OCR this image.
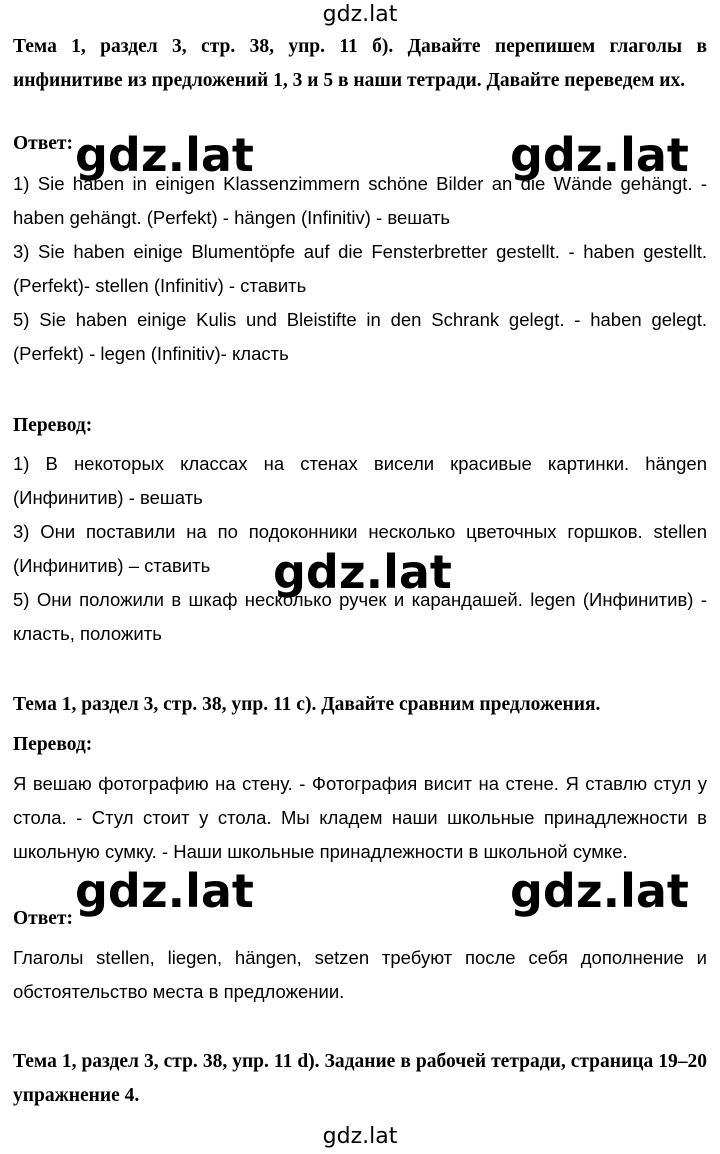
gdz.lat
Тема 1, раздел 3, стр. 38, упр. 11 б). Давайте перепишем глаголы в инфинитиве из предложений 1, 3 и 5 в наши тетради. Давайте переведем их.
Ответ:
1) Sie haben in einigen Klassenzimmern schöne Bilder an die Wände gehängt. - haben gehängt. (Perfekt) - hängen (Infinitiv) - вешать
3) Sie haben einige Blumentöpfe auf die Fensterbretter gestellt. - haben gestellt. (Perfekt)- stellen (Infinitiv) - ставить
5) Sie haben einige Kulis und Bleistifte in den Schrank gelegt. - haben gelegt. (Perfekt) - legen (Infinitiv)- класть
Перевод:
1) В некоторых классах на стенах висели красивые картинки. hängen (Инфинитив) - вешать
3) Они поставили на по подоконники несколько цветочных горшков. stellen (Инфинитив) – ставить
5) Они положили в шкаф несколько ручек и карандашей. legen (Инфинитив) - класть, положить
Тема 1, раздел 3, стр. 38, упр. 11 c). Давайте сравним предложения.
Перевод:
Я вешаю фотографию на стену. - Фотография висит на стене. Я ставлю стул у стола. - Стул стоит у стола. Мы кладем наши школьные принадлежности в школьную сумку. - Наши школьные принадлежности в школьной сумке.
Ответ:
Глаголы stellen, liegen, hängen, setzen требуют после себя дополнение и обстоятельство места в предложении.
Тема 1, раздел 3, стр. 38, упр. 11 d). Задание в рабочей тетради, страница 19–20 упражнение 4.
gdz.lat	gdz.lat
gdz.lat
gdz.lat	gdz.lat
gdz.lat
